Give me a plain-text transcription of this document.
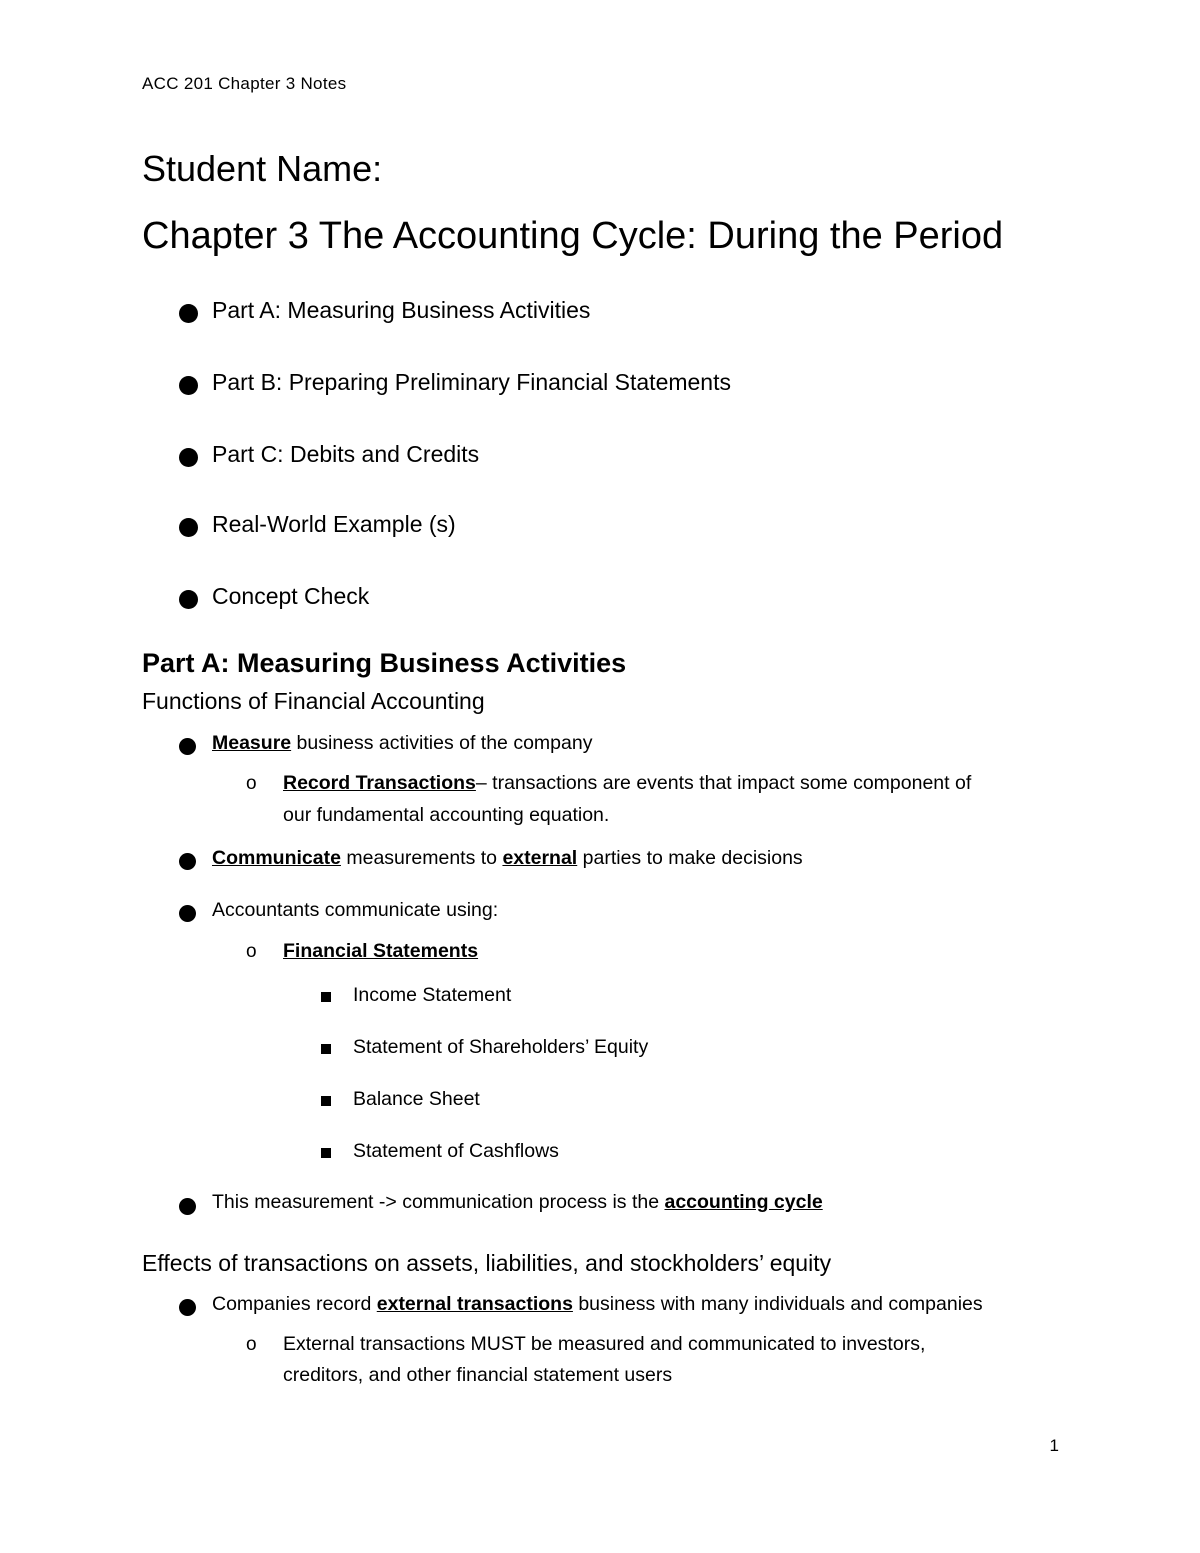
ACC 201 Chapter 3 Notes
Student Name:
Chapter 3 The Accounting Cycle: During the Period
Part A: Measuring Business Activities
Part B: Preparing Preliminary Financial Statements
Part C: Debits and Credits
Real-World Example (s)
Concept Check
Part A: Measuring Business Activities
Functions of Financial Accounting
Measure business activities of the company
o Record Transactions– transactions are events that impact some component of
our fundamental accounting equation.
Communicate measurements to external parties to make decisions
Accountants communicate using:
o Financial Statements
Income Statement
Statement of Shareholders’ Equity
Balance Sheet
Statement of Cashflows
This measurement -> communication process is the accounting cycle
Effects of transactions on assets, liabilities, and stockholders’ equity
Companies record external transactions business with many individuals and companies
o External transactions MUST be measured and communicated to investors,
creditors, and other financial statement users
1
